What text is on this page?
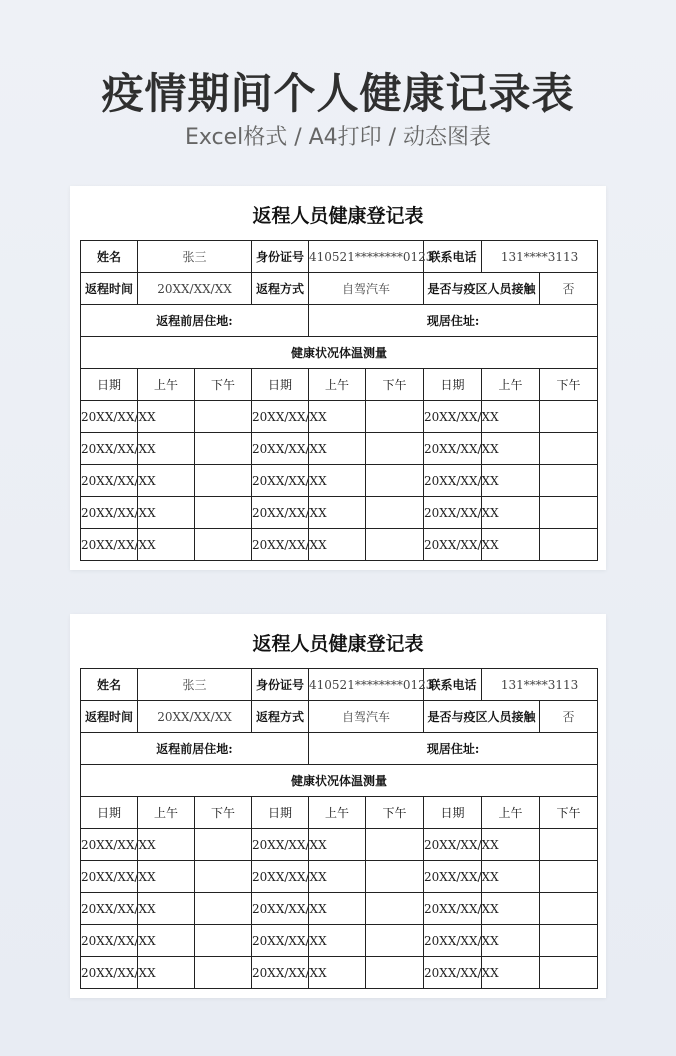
疫情期间个人健康记录表
Excel格式 / A4打印 / 动态图表
返程人员健康登记表
姓名	张三		身份证号	410521********0123		联系电话	131****3113	
返程时间	20XX/XX/XX		返程方式	自驾汽车		是否与疫区人员接触		否
返程前居住地:				现居住址:				
健康状况体温测量								
日期	上午	下午	日期	上午	下午	日期	上午	下午
20XX/XX/XX			20XX/XX/XX			20XX/XX/XX		
20XX/XX/XX			20XX/XX/XX			20XX/XX/XX		
20XX/XX/XX			20XX/XX/XX			20XX/XX/XX		
20XX/XX/XX			20XX/XX/XX			20XX/XX/XX		
20XX/XX/XX			20XX/XX/XX			20XX/XX/XX		
返程人员健康登记表
姓名	张三		身份证号	410521********0123		联系电话	131****3113	
返程时间	20XX/XX/XX		返程方式	自驾汽车		是否与疫区人员接触		否
返程前居住地:				现居住址:				
健康状况体温测量								
日期	上午	下午	日期	上午	下午	日期	上午	下午
20XX/XX/XX			20XX/XX/XX			20XX/XX/XX		
20XX/XX/XX			20XX/XX/XX			20XX/XX/XX		
20XX/XX/XX			20XX/XX/XX			20XX/XX/XX		
20XX/XX/XX			20XX/XX/XX			20XX/XX/XX		
20XX/XX/XX			20XX/XX/XX			20XX/XX/XX		
